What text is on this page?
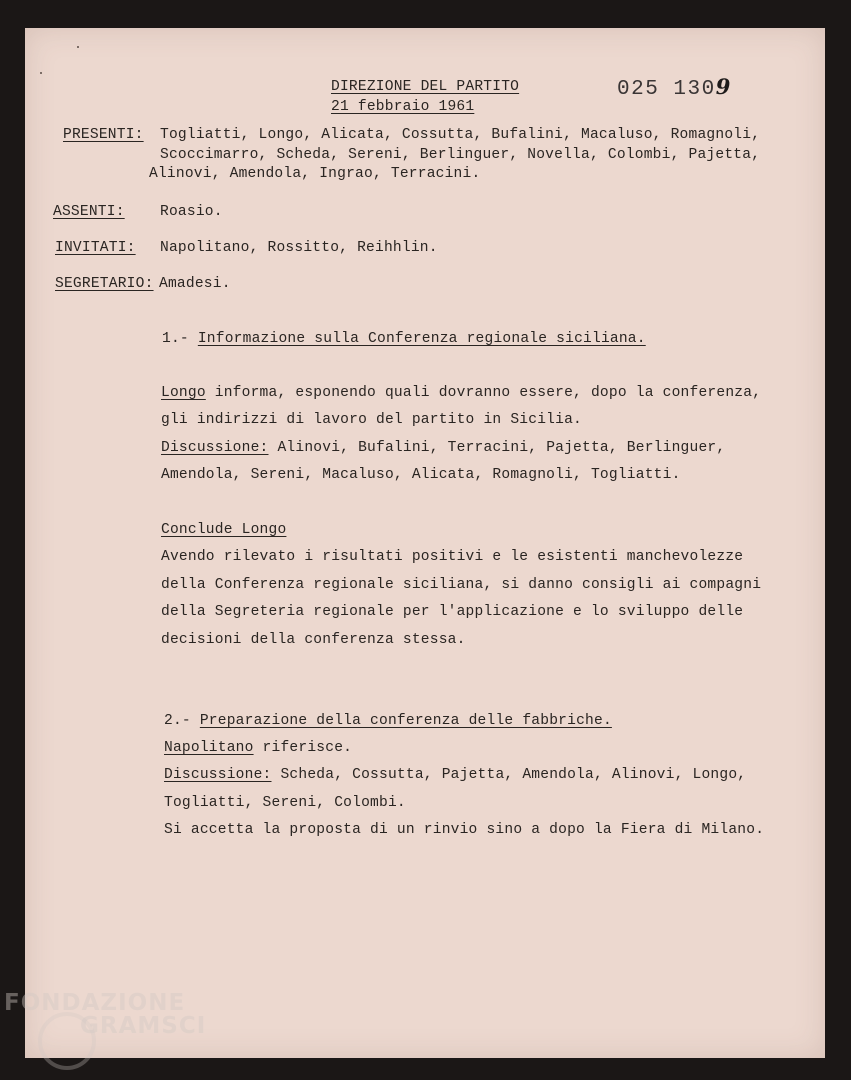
DIREZIONE DEL PARTITO
21 febbraio 1961
025 1309
PRESENTI: Togliatti, Longo, Alicata, Cossutta, Bufalini, Macaluso, Romagnoli,
Scoccimarro, Scheda, Sereni, Berlinguer, Novella, Colombi, Pajetta,
Alinovi, Amendola, Ingrao, Terracini.
ASSENTI: Roasio.
INVITATI: Napolitano, Rossitto, Reihhlin.
SEGRETARIO: Amadesi.
1.- Informazione sulla Conferenza regionale siciliana.
Longo informa, esponendo quali dovranno essere, dopo la conferenza,
gli indirizzi di lavoro del partito in Sicilia.
Discussione: Alinovi, Bufalini, Terracini, Pajetta, Berlinguer,
Amendola, Sereni, Macaluso, Alicata, Romagnoli, Togliatti.
Conclude Longo
Avendo rilevato i risultati positivi e le esistenti manchevolezze
della Conferenza regionale siciliana, si danno consigli ai compagni
della Segreteria regionale per l'applicazione e lo sviluppo delle
decisioni della conferenza stessa.
2.- Preparazione della conferenza delle fabbriche.
Napolitano riferisce.
Discussione: Scheda, Cossutta, Pajetta, Amendola, Alinovi, Longo,
Togliatti, Sereni, Colombi.
Si accetta la proposta di un rinvio sino a dopo la Fiera di Milano.
FONDAZIONE
GRAMSCI
